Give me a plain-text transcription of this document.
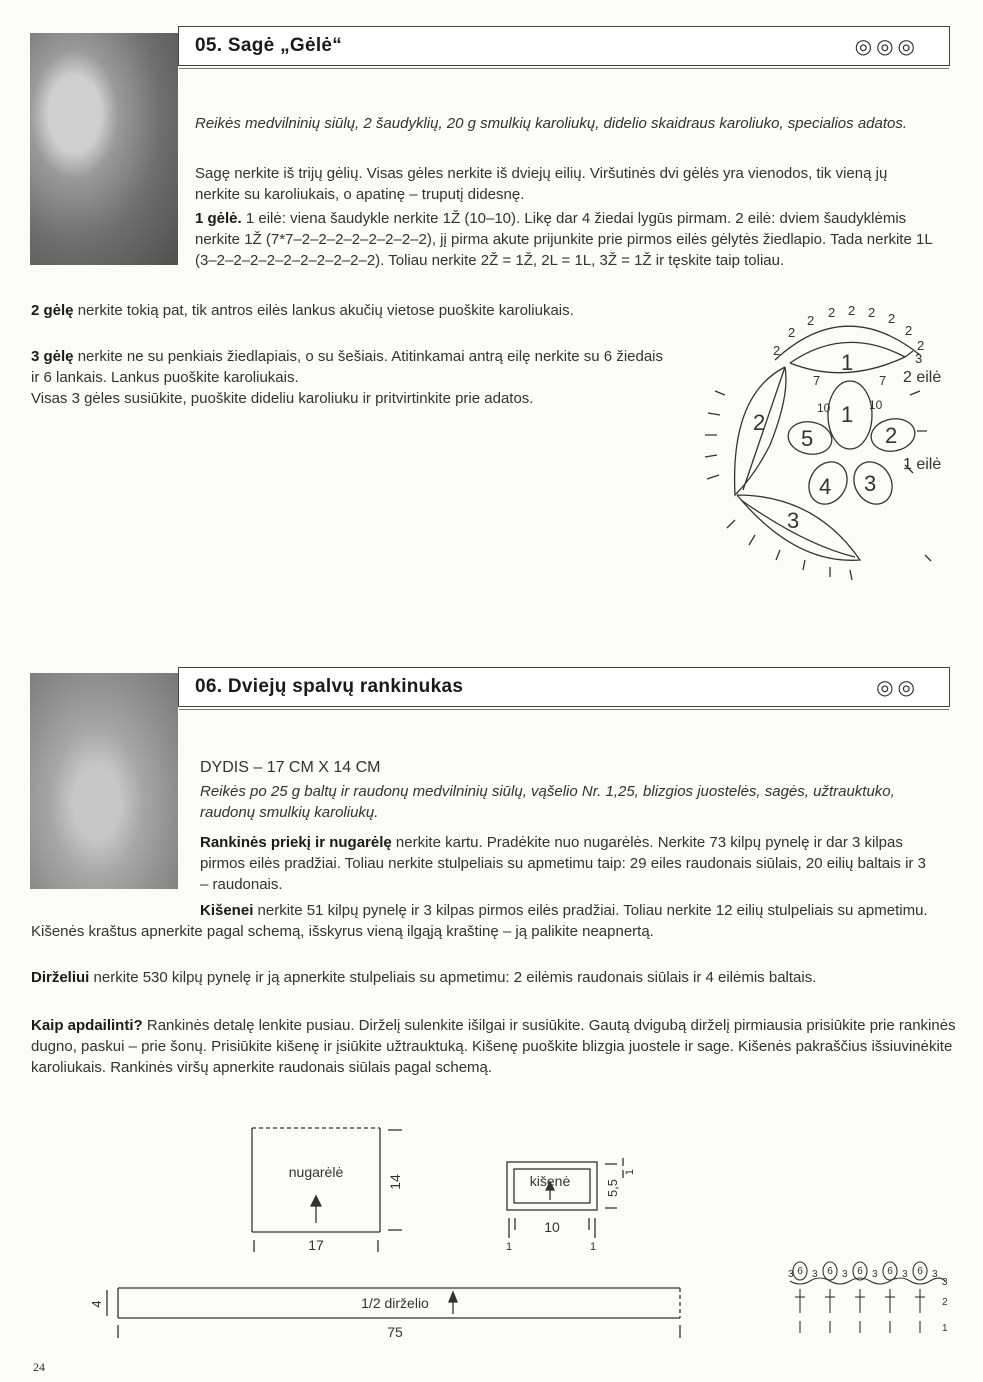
05. Sagė „Gėlė“	◎◎◎
Reikės medvilninių siūlų, 2 šaudyklių, 20 g smulkių karoliukų, didelio skaidraus karoliuko, specialios adatos.
Sagę nerkite iš trijų gėlių. Visas gėles nerkite iš dviejų eilių. Viršutinės dvi gėlės yra vienodos, tik vieną jų nerkite su karoliukais, o apatinę – truputį didesnę.
1 gėlė. 1 eilė: viena šaudykle nerkite 1Ž (10–10). Likę dar 4 žiedai lygūs pirmam. 2 eilė: dviem šaudyklėmis nerkite 1Ž (7*7–2–2–2–2–2–2–2–2), jį pirma akute prijunkite prie pirmos eilės gėlytės žiedlapio. Tada nerkite 1L (3–2–2–2–2–2–2–2–2–2–2). Toliau nerkite 2Ž = 1Ž, 2L = 1L, 3Ž = 1Ž ir tęskite taip toliau.
2 gėlę nerkite tokią pat, tik antros eilės lankus akučių vietose puoškite karoliukais.
3 gėlę nerkite ne su penkiais žiedlapiais, o su šešiais. Atitinkamai antrą eilę nerkite su 6 žiedais ir 6 lankais. Lankus puoškite karoliukais.
Visas 3 gėles susiūkite, puoškite dideliu karoliuku ir pritvirtinkite prie adatos.
2
2
2
2 2 2 2
2
2
3
7	7
10	10
1
2
3
1
2
3
4
5
2 eilė
1 eilė
06. Dviejų spalvų rankinukas	◎◎
DYDIS – 17 CM X 14 CM
Reikės po 25 g baltų ir raudonų medvilninių siūlų, vąšelio Nr. 1,25, blizgios juostelės, sagės, užtrauktuko, raudonų smulkių karoliukų.
Rankinės priekį ir nugarėlę nerkite kartu. Pradėkite nuo nugarėlės. Nerkite 73 kilpų pynelę ir dar 3 kilpas pirmos eilės pradžiai. Toliau nerkite stulpeliais su apmetimu taip: 29 eiles raudonais siūlais, 20 eilių baltais ir 3 – raudonais.
Kišenei nerkite 51 kilpų pynelę ir 3 kilpas pirmos eilės pradžiai. Toliau nerkite 12 eilių stulpeliais su apmetimu. Kišenės kraštus apnerkite pagal schemą, išskyrus vieną ilgąją kraštinę – ją palikite neapnertą.
Dirželiui nerkite 530 kilpų pynelę ir ją apnerkite stulpeliais su apmetimu: 2 eilėmis raudonais siūlais ir 4 eilėmis baltais.
Kaip apdailinti? Rankinės detalę lenkite pusiau. Dirželį sulenkite išilgai ir susiūkite. Gautą dvigubą dirželį pirmiausia prisiūkite prie rankinės dugno, paskui – prie šonų. Prisiūkite kišenę ir įsiūkite užtrauktuką. Kišenę puoškite blizgia juostele ir sage. Kišenės pakraščius išsiuvinėkite karoliukais. Rankinės viršų apnerkite raudonais siūlais pagal schemą.
nugarėlė
17
14	kišenė
10
5,5
1	1
1
1/2 dirželio
75
4
6 6 6 6 6
3 3 3 3 3 3
3
2
1
24
